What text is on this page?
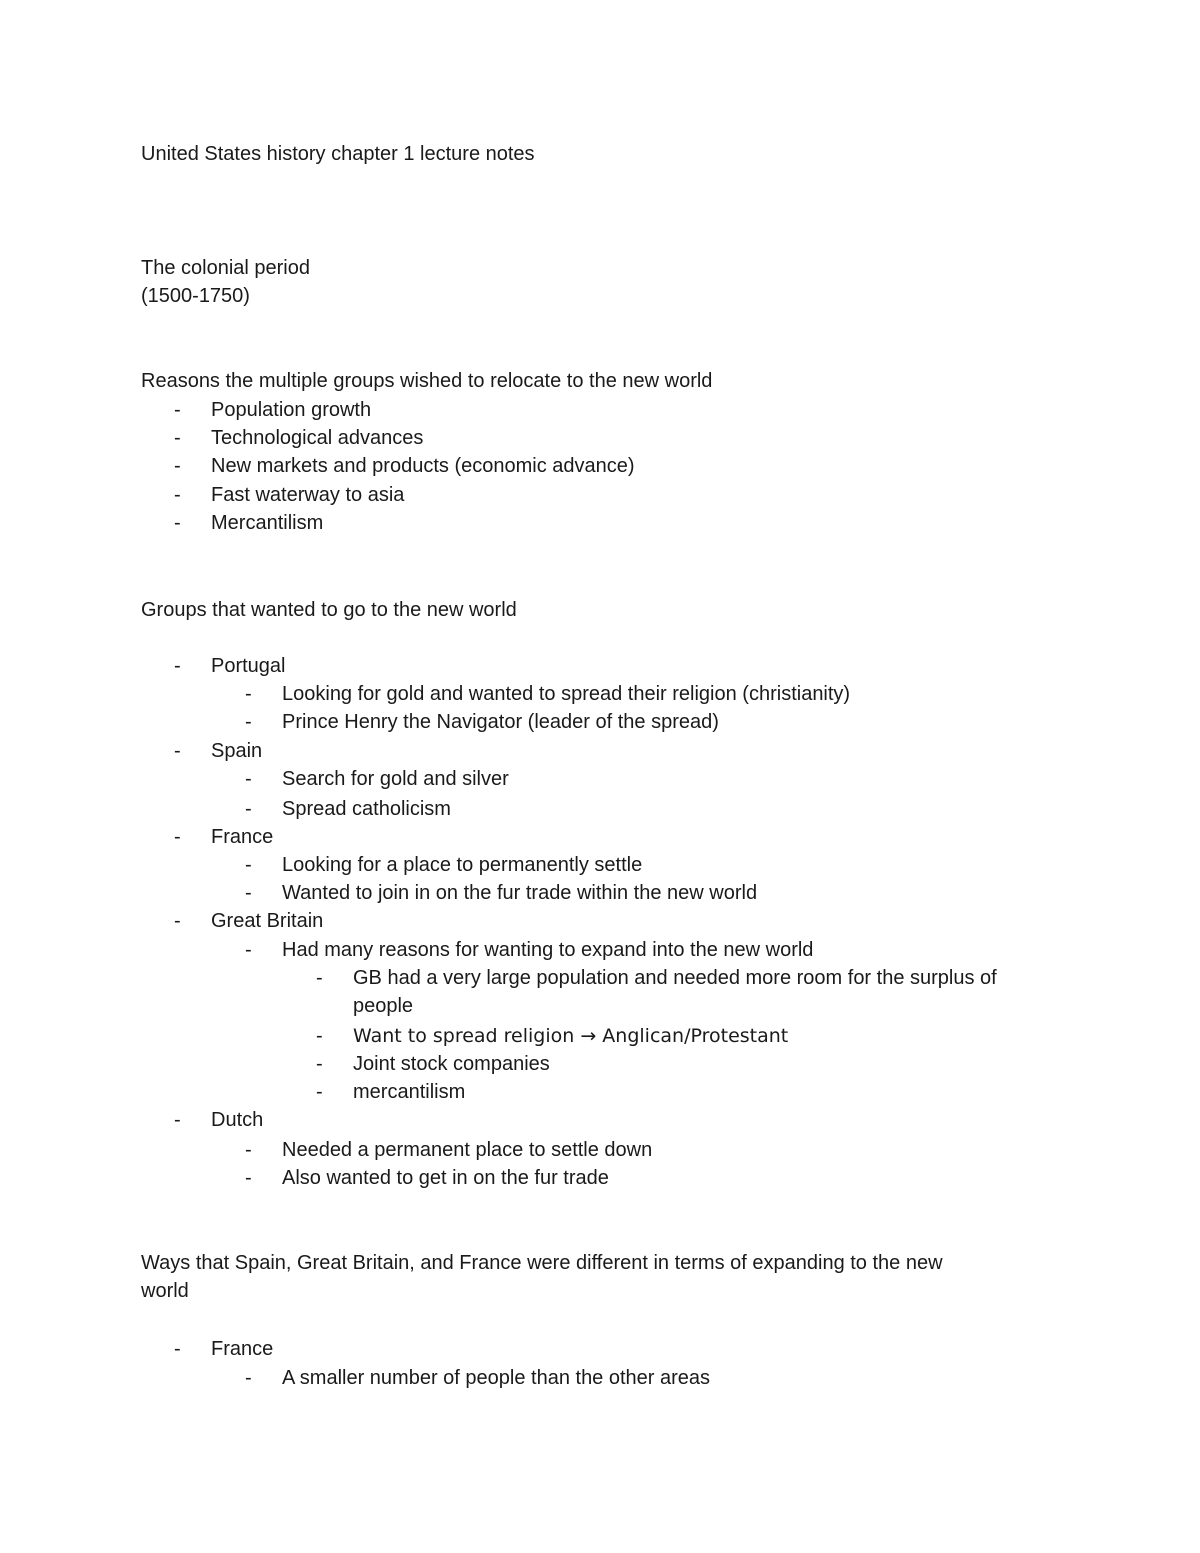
United States history chapter 1 lecture notes
The colonial period
(1500-1750)
Reasons the multiple groups wished to relocate to the new world
- Population growth
- Technological advances
- New markets and products (economic advance)
- Fast waterway to asia
- Mercantilism
Groups that wanted to go to the new world
- Portugal
- Looking for gold and wanted to spread their religion (christianity)
- Prince Henry the Navigator (leader of the spread)
- Spain
- Search for gold and silver
- Spread catholicism
- France
- Looking for a place to permanently settle
- Wanted to join in on the fur trade within the new world
- Great Britain
- Had many reasons for wanting to expand into the new world
- GB had a very large population and needed more room for the surplus of
people
- Want to spread religion → Anglican/Protestant
- Joint stock companies
- mercantilism
- Dutch
- Needed a permanent place to settle down
- Also wanted to get in on the fur trade
Ways that Spain, Great Britain, and France were different in terms of expanding to the new
world
- France
- A smaller number of people than the other areas
